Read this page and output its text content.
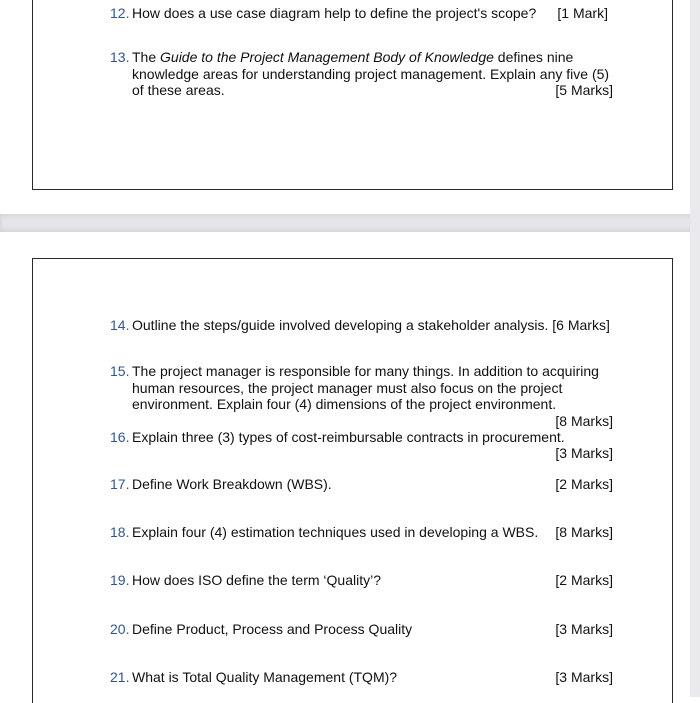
12. How does a use case diagram help to define the project's scope?	[1 Mark]
13. The Guide to the Project Management Body of Knowledge defines nine
knowledge areas for understanding project management. Explain any five (5)
of these areas.	[5 Marks]
14. Outline the steps/guide involved developing a stakeholder analysis. [6 Marks]
15. The project manager is responsible for many things. In addition to acquiring
human resources, the project manager must also focus on the project
environment. Explain four (4) dimensions of the project environment.
[8 Marks]
16. Explain three (3) types of cost-reimbursable contracts in procurement.
[3 Marks]
17. Define Work Breakdown (WBS).	[2 Marks]
18. Explain four (4) estimation techniques used in developing a WBS.	[8 Marks]
19. How does ISO define the term ‘Quality’?	[2 Marks]
20. Define Product, Process and Process Quality	[3 Marks]
21. What is Total Quality Management (TQM)?	[3 Marks]
